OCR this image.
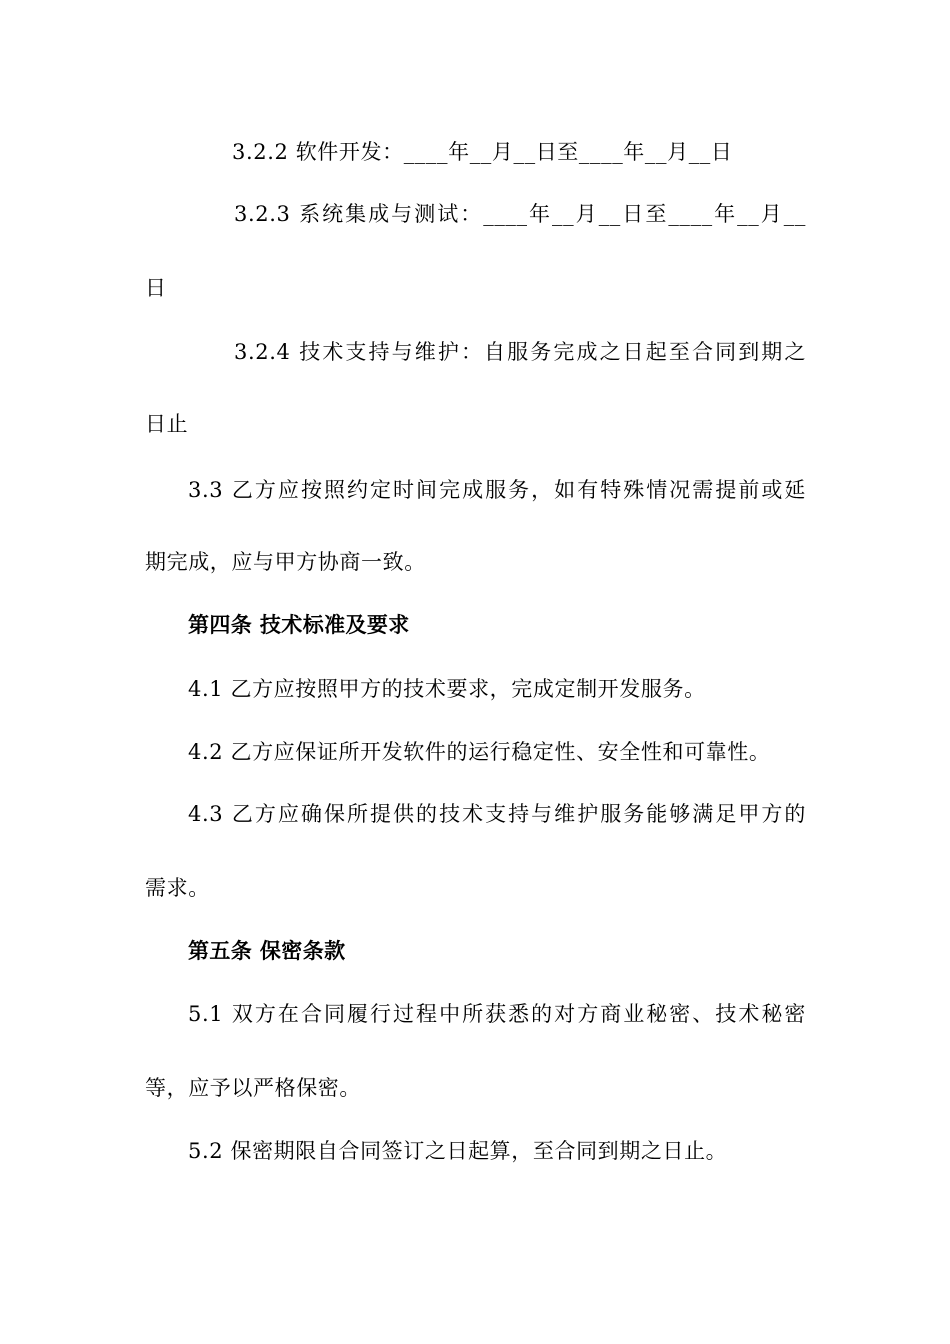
3.2.2 软件开发：____年__月__日至____年__月__日
3.2.3 系统集成与测试：____年__月__日至____年__月__
日
3.2.4 技术支持与维护：自服务完成之日起至合同到期之
日止
3.3 乙方应按照约定时间完成服务，如有特殊情况需提前或延
期完成，应与甲方协商一致。
第四条 技术标准及要求
4.1 乙方应按照甲方的技术要求，完成定制开发服务。
4.2 乙方应保证所开发软件的运行稳定性、安全性和可靠性。
4.3 乙方应确保所提供的技术支持与维护服务能够满足甲方的
需求。
第五条 保密条款
5.1 双方在合同履行过程中所获悉的对方商业秘密、技术秘密
等，应予以严格保密。
5.2 保密期限自合同签订之日起算，至合同到期之日止。
